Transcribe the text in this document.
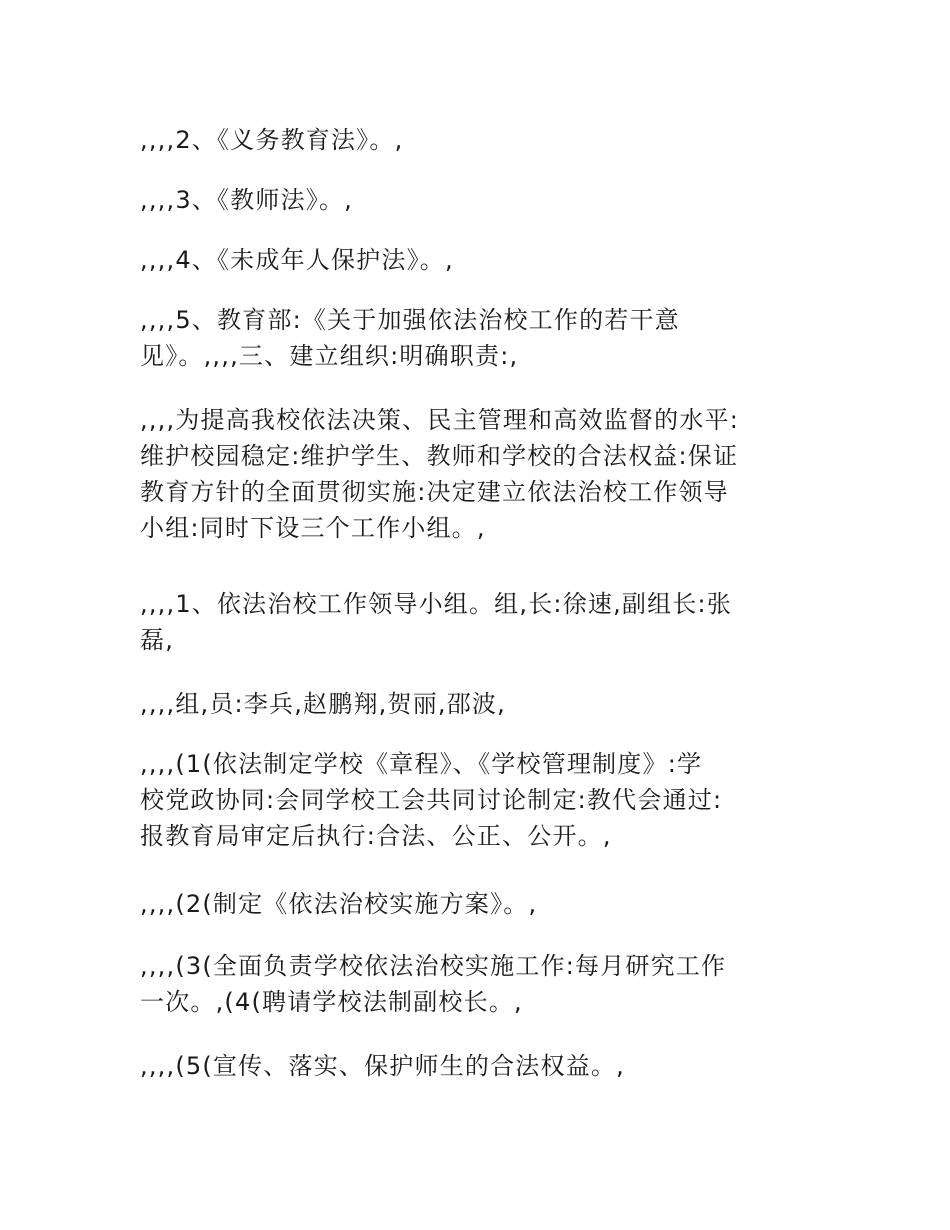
,,,,2、《义务教育法》。,
,,,,3、《教师法》。,
,,,,4、《未成年人保护法》。,
,,,,5、教育部:《关于加强依法治校工作的若干意
见》。,,,,三、建立组织:明确职责:,
,,,,为提高我校依法决策、民主管理和高效监督的水平:
维护校园稳定:维护学生、教师和学校的合法权益:保证
教育方针的全面贯彻实施:决定建立依法治校工作领导
小组:同时下设三个工作小组。,
,,,,1、依法治校工作领导小组。组,长:徐速,副组长:张
磊,
,,,,组,员:李兵,赵鹏翔,贺丽,邵波,
,,,,(1(依法制定学校《章程》、《学校管理制度》:学
校党政协同:会同学校工会共同讨论制定:教代会通过:
报教育局审定后执行:合法、公正、公开。,
,,,,(2(制定《依法治校实施方案》。,
,,,,(3(全面负责学校依法治校实施工作:每月研究工作
一次。,(4(聘请学校法制副校长。,
,,,,(5(宣传、落实、保护师生的合法权益。,
